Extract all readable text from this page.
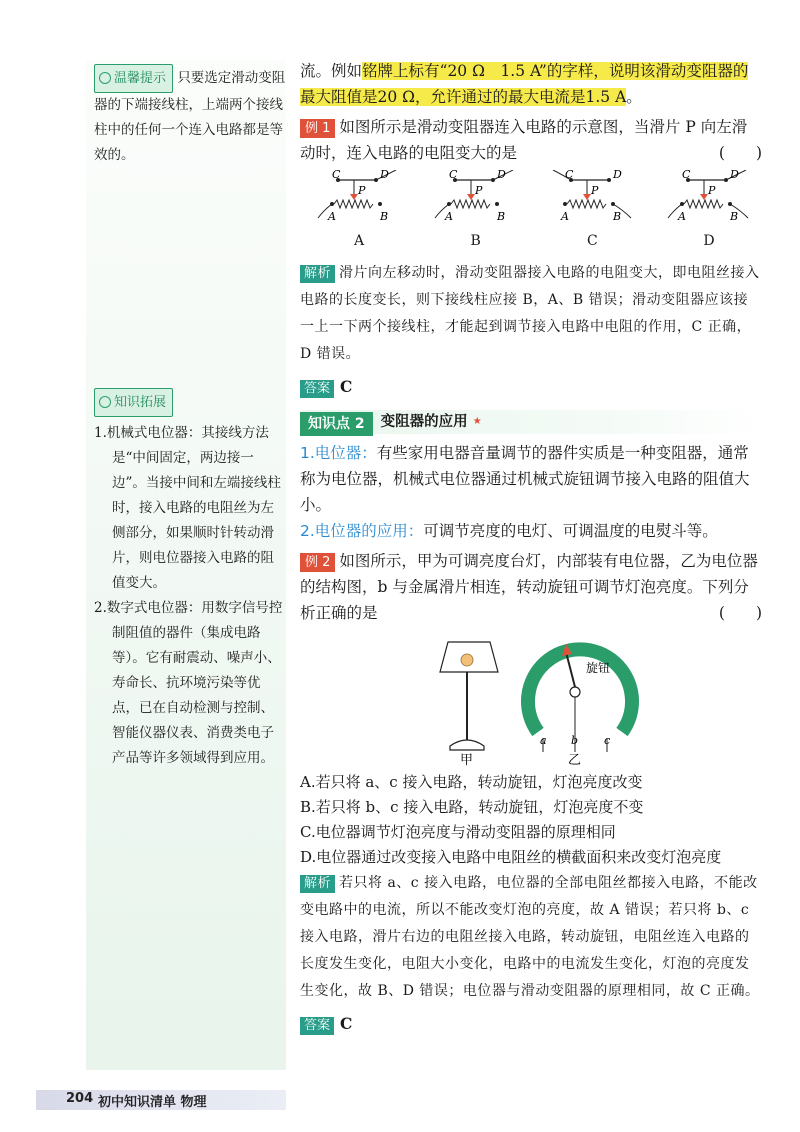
温馨提示 只要选定滑动变阻器的下端接线柱，上端两个接线柱中的任何一个连入电路都是等效的。
知识拓展
1.机械式电位器：其接线方法是“中间固定，两边接一边”。当接中间和左端接线柱时，接入电路的电阻丝为左侧部分，如果顺时针转动滑片，则电位器接入电路的阻值变大。
2.数字式电位器：用数字信号控制阻值的器件（集成电路等）。它有耐震动、噪声小、寿命长、抗环境污染等优点，已在自动检测与控制、智能仪器仪表、消费类电子产品等许多领域得到应用。
流。例如铭牌上标有“20 Ω　1.5 A”的字样，说明该滑动变阻器的最大阻值是20 Ω，允许通过的最大电流是1.5 A。
例 1 如图所示是滑动变阻器连入电路的示意图，当滑片 P 向左滑动时，连入电路的电阻变大的是	(　　)
C	D
P
A	B
A
C	D
P
A	B
B
C	D
P
A	B
C
C	D
P
A	B
D
解析 滑片向左移动时，滑动变阻器接入电路的电阻变大，即电阻丝接入电路的长度变长，则下接线柱应接 B，A、B 错误；滑动变阻器应该接一上一下两个接线柱，才能起到调节接入电路中电阻的作用，C 正确，D 错误。
答案 C
知识点 2 变阻器的应用 ★
1.电位器：有些家用电器音量调节的器件实质是一种变阻器，通常称为电位器，机械式电位器通过机械式旋钮调节接入电路的阻值大小。
2.电位器的应用：可调节亮度的电灯、可调温度的电熨斗等。
例 2 如图所示，甲为可调亮度台灯，内部装有电位器，乙为电位器的结构图，b 与金属滑片相连，转动旋钮可调节灯泡亮度。下列分析正确的是	(　　)
甲
旋钮
a b c
乙
A.若只将 a、c 接入电路，转动旋钮，灯泡亮度改变
B.若只将 b、c 接入电路，转动旋钮，灯泡亮度不变
C.电位器调节灯泡亮度与滑动变阻器的原理相同
D.电位器通过改变接入电路中电阻丝的横截面积来改变灯泡亮度
解析 若只将 a、c 接入电路，电位器的全部电阻丝都接入电路，不能改变电路中的电流，所以不能改变灯泡的亮度，故 A 错误；若只将 b、c 接入电路，滑片右边的电阻丝接入电路，转动旋钮，电阻丝连入电路的长度发生变化，电阻大小变化，电路中的电流发生变化，灯泡的亮度发生变化，故 B、D 错误；电位器与滑动变阻器的原理相同，故 C 正确。
答案 C
204 初中知识清单 物理
